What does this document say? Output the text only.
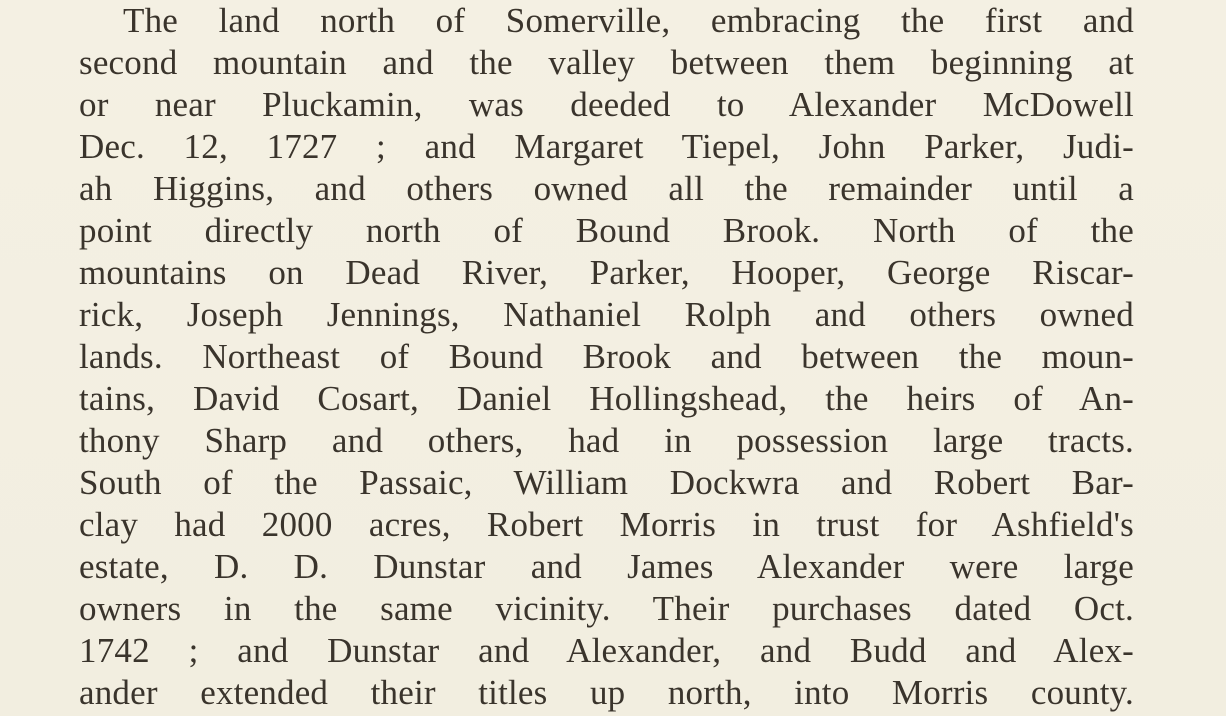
The land north of Somerville, embracing the first and
second mountain and the valley between them beginning at
or near Pluckamin, was deeded to Alexander McDowell
Dec. 12, 1727 ; and Margaret Tiepel, John Parker, Judi-
ah Higgins, and others owned all the remainder until a
point directly north of Bound Brook. North of the
mountains on Dead River, Parker, Hooper, George Riscar-
rick, Joseph Jennings, Nathaniel Rolph and others owned
lands. Northeast of Bound Brook and between the moun-
tains, David Cosart, Daniel Hollingshead, the heirs of An-
thony Sharp and others, had in possession large tracts.
South of the Passaic, William Dockwra and Robert Bar-
clay had 2000 acres, Robert Morris in trust for Ashfield's
estate, D. D. Dunstar and James Alexander were large
owners in the same vicinity. Their purchases dated Oct.
1742 ; and Dunstar and Alexander, and Budd and Alex-
ander extended their titles up north, into Morris county.
